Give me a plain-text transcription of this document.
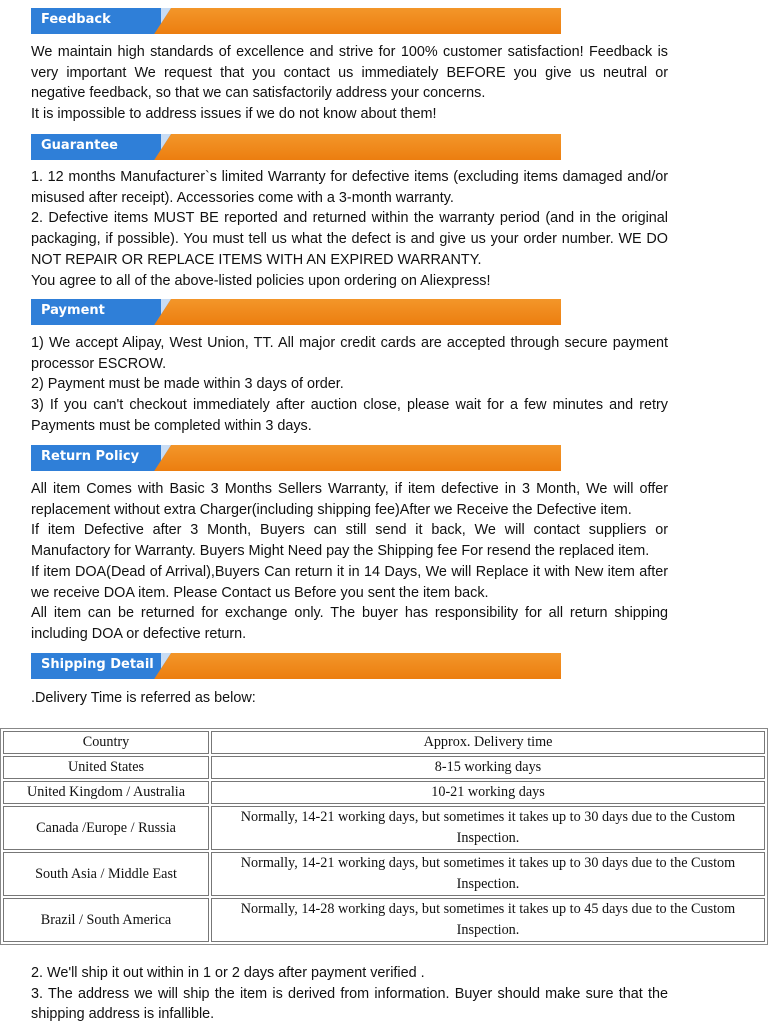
Feedback

We maintain high standards of excellence and strive for 100% customer satisfaction! Feedback is very important We request that you contact us immediately BEFORE you give us neutral or negative feedback, so that we can satisfactorily address your concerns.

It is impossible to address issues if we do not know about them!

Guarantee

1. 12 months Manufacturer`s limited Warranty for defective items (excluding items damaged and/or misused after receipt). Accessories come with a 3-month warranty.

2. Defective items MUST BE reported and returned within the warranty period (and in the original packaging, if possible). You must tell us what the defect is and give us your order number. WE DO NOT REPAIR OR REPLACE ITEMS WITH AN EXPIRED WARRANTY.

You agree to all of the above-listed policies upon ordering on Aliexpress!

Payment

1) We accept Alipay, West Union, TT. All major credit cards are accepted through secure payment processor ESCROW.

2) Payment must be made within 3 days of order.

3) If you can't checkout immediately after auction close, please wait for a few minutes and retry Payments must be completed within 3 days.

Return Policy

All item Comes with Basic 3 Months Sellers Warranty, if item defective in 3 Month, We will offer replacement without extra Charger(including shipping fee)After we Receive the Defective item.

If item Defective after 3 Month, Buyers can still send it back, We will contact suppliers or Manufactory for Warranty. Buyers Might Need pay the Shipping fee For resend the replaced item.

If item DOA(Dead of Arrival),Buyers Can return it in 14 Days, We will Replace it with New item after we receive DOA item. Please Contact us Before you sent the item back.

All item can be returned for exchange only. The buyer has responsibility for all return shipping including DOA or defective return.

Shipping Detail

.Delivery Time is referred as below:

Country	Approx. Delivery time
United States	8-15 working days
United Kingdom / Australia	10-21 working days
Canada /Europe / Russia	Normally, 14-21 working days, but sometimes it takes up to 30 days due to the Custom Inspection.
South Asia / Middle East	Normally, 14-21 working days, but sometimes it takes up to 30 days due to the Custom Inspection.
Brazil / South America	Normally, 14-28 working days, but sometimes it takes up to 45 days due to the Custom Inspection.

2. We'll ship it out within in 1 or 2 days after payment verified .

3. The address we will ship the item is derived from information. Buyer should make sure that the shipping address is infallible.
